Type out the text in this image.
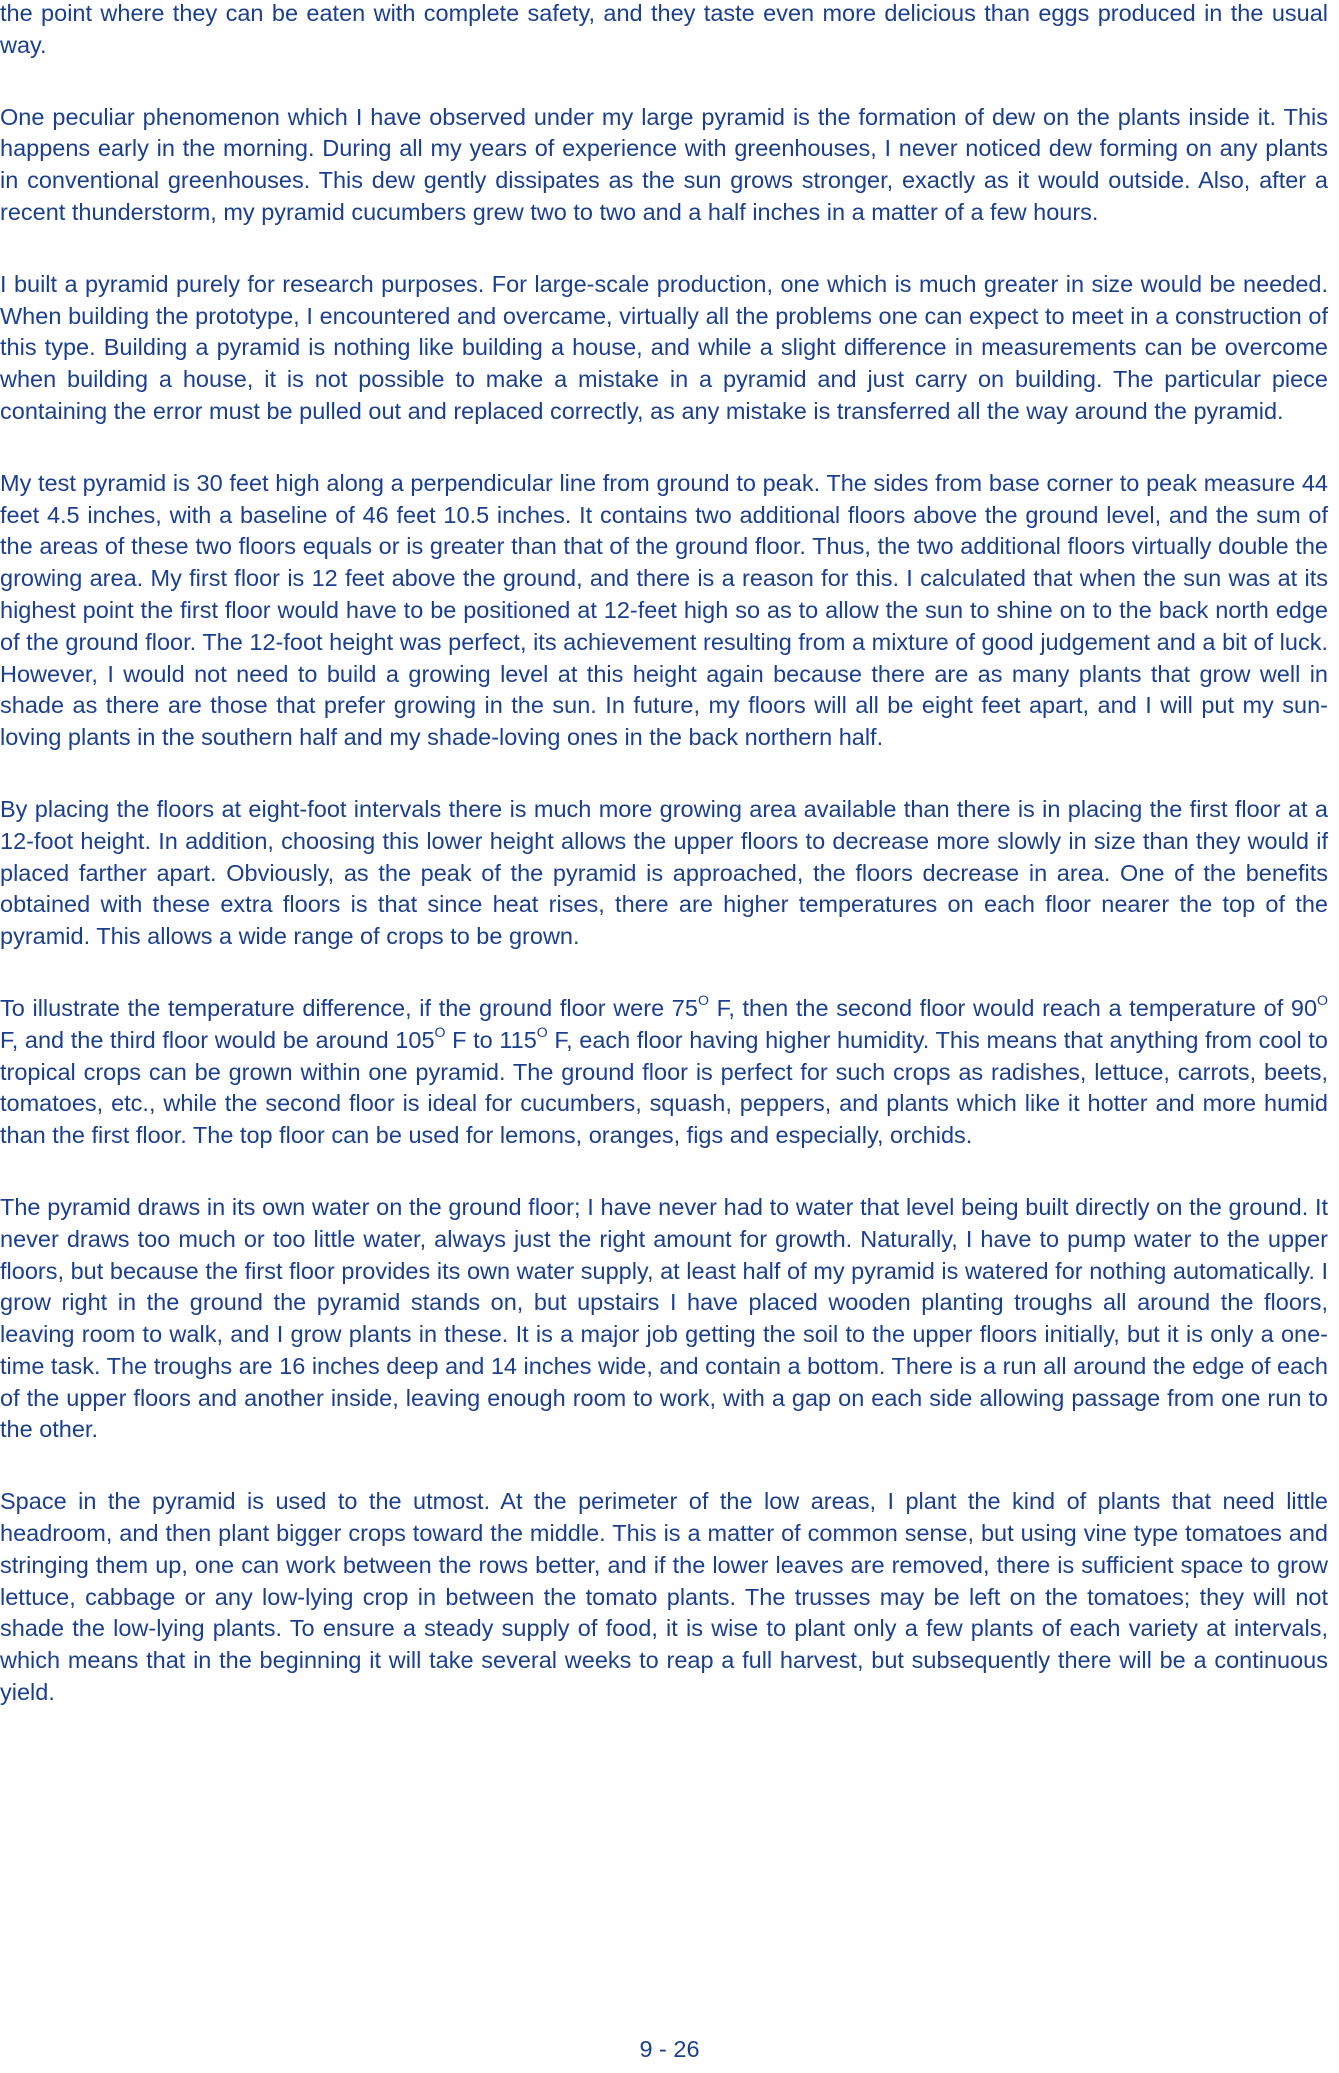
the point where they can be eaten with complete safety, and they taste even more delicious than eggs produced in the usual way.

One peculiar phenomenon which I have observed under my large pyramid is the formation of dew on the plants inside it. This happens early in the morning. During all my years of experience with greenhouses, I never noticed dew forming on any plants in conventional greenhouses. This dew gently dissipates as the sun grows stronger, exactly as it would outside. Also, after a recent thunderstorm, my pyramid cucumbers grew two to two and a half inches in a matter of a few hours.

I built a pyramid purely for research purposes. For large-scale production, one which is much greater in size would be needed. When building the prototype, I encountered and overcame, virtually all the problems one can expect to meet in a construction of this type. Building a pyramid is nothing like building a house, and while a slight difference in measurements can be overcome when building a house, it is not possible to make a mistake in a pyramid and just carry on building. The particular piece containing the error must be pulled out and replaced correctly, as any mistake is transferred all the way around the pyramid.

My test pyramid is 30 feet high along a perpendicular line from ground to peak. The sides from base corner to peak measure 44 feet 4.5 inches, with a baseline of 46 feet 10.5 inches. It contains two additional floors above the ground level, and the sum of the areas of these two floors equals or is greater than that of the ground floor. Thus, the two additional floors virtually double the growing area. My first floor is 12 feet above the ground, and there is a reason for this. I calculated that when the sun was at its highest point the first floor would have to be positioned at 12-feet high so as to allow the sun to shine on to the back north edge of the ground floor. The 12-foot height was perfect, its achievement resulting from a mixture of good judgement and a bit of luck. However, I would not need to build a growing level at this height again because there are as many plants that grow well in shade as there are those that prefer growing in the sun. In future, my floors will all be eight feet apart, and I will put my sun-loving plants in the southern half and my shade-loving ones in the back northern half.

By placing the floors at eight-foot intervals there is much more growing area available than there is in placing the first floor at a 12-foot height. In addition, choosing this lower height allows the upper floors to decrease more slowly in size than they would if placed farther apart. Obviously, as the peak of the pyramid is approached, the floors decrease in area. One of the benefits obtained with these extra floors is that since heat rises, there are higher temperatures on each floor nearer the top of the pyramid. This allows a wide range of crops to be grown.

To illustrate the temperature difference, if the ground floor were $75^O$ F, then the second floor would reach a temperature of $90^O$ F, and the third floor would be around $105^O$ F to $115^O$ F, each floor having higher humidity. This means that anything from cool to tropical crops can be grown within one pyramid. The ground floor is perfect for such crops as radishes, lettuce, carrots, beets, tomatoes, etc., while the second floor is ideal for cucumbers, squash, peppers, and plants which like it hotter and more humid than the first floor. The top floor can be used for lemons, oranges, figs and especially, orchids.

The pyramid draws in its own water on the ground floor; I have never had to water that level being built directly on the ground. It never draws too much or too little water, always just the right amount for growth. Naturally, I have to pump water to the upper floors, but because the first floor provides its own water supply, at least half of my pyramid is watered for nothing automatically. I grow right in the ground the pyramid stands on, but upstairs I have placed wooden planting troughs all around the floors, leaving room to walk, and I grow plants in these. It is a major job getting the soil to the upper floors initially, but it is only a one-time task. The troughs are 16 inches deep and 14 inches wide, and contain a bottom. There is a run all around the edge of each of the upper floors and another inside, leaving enough room to work, with a gap on each side allowing passage from one run to the other.

Space in the pyramid is used to the utmost. At the perimeter of the low areas, I plant the kind of plants that need little headroom, and then plant bigger crops toward the middle. This is a matter of common sense, but using vine type tomatoes and stringing them up, one can work between the rows better, and if the lower leaves are removed, there is sufficient space to grow lettuce, cabbage or any low-lying crop in between the tomato plants. The trusses may be left on the tomatoes; they will not shade the low-lying plants. To ensure a steady supply of food, it is wise to plant only a few plants of each variety at intervals, which means that in the beginning it will take several weeks to reap a full harvest, but subsequently there will be a continuous yield.

9 - 26
